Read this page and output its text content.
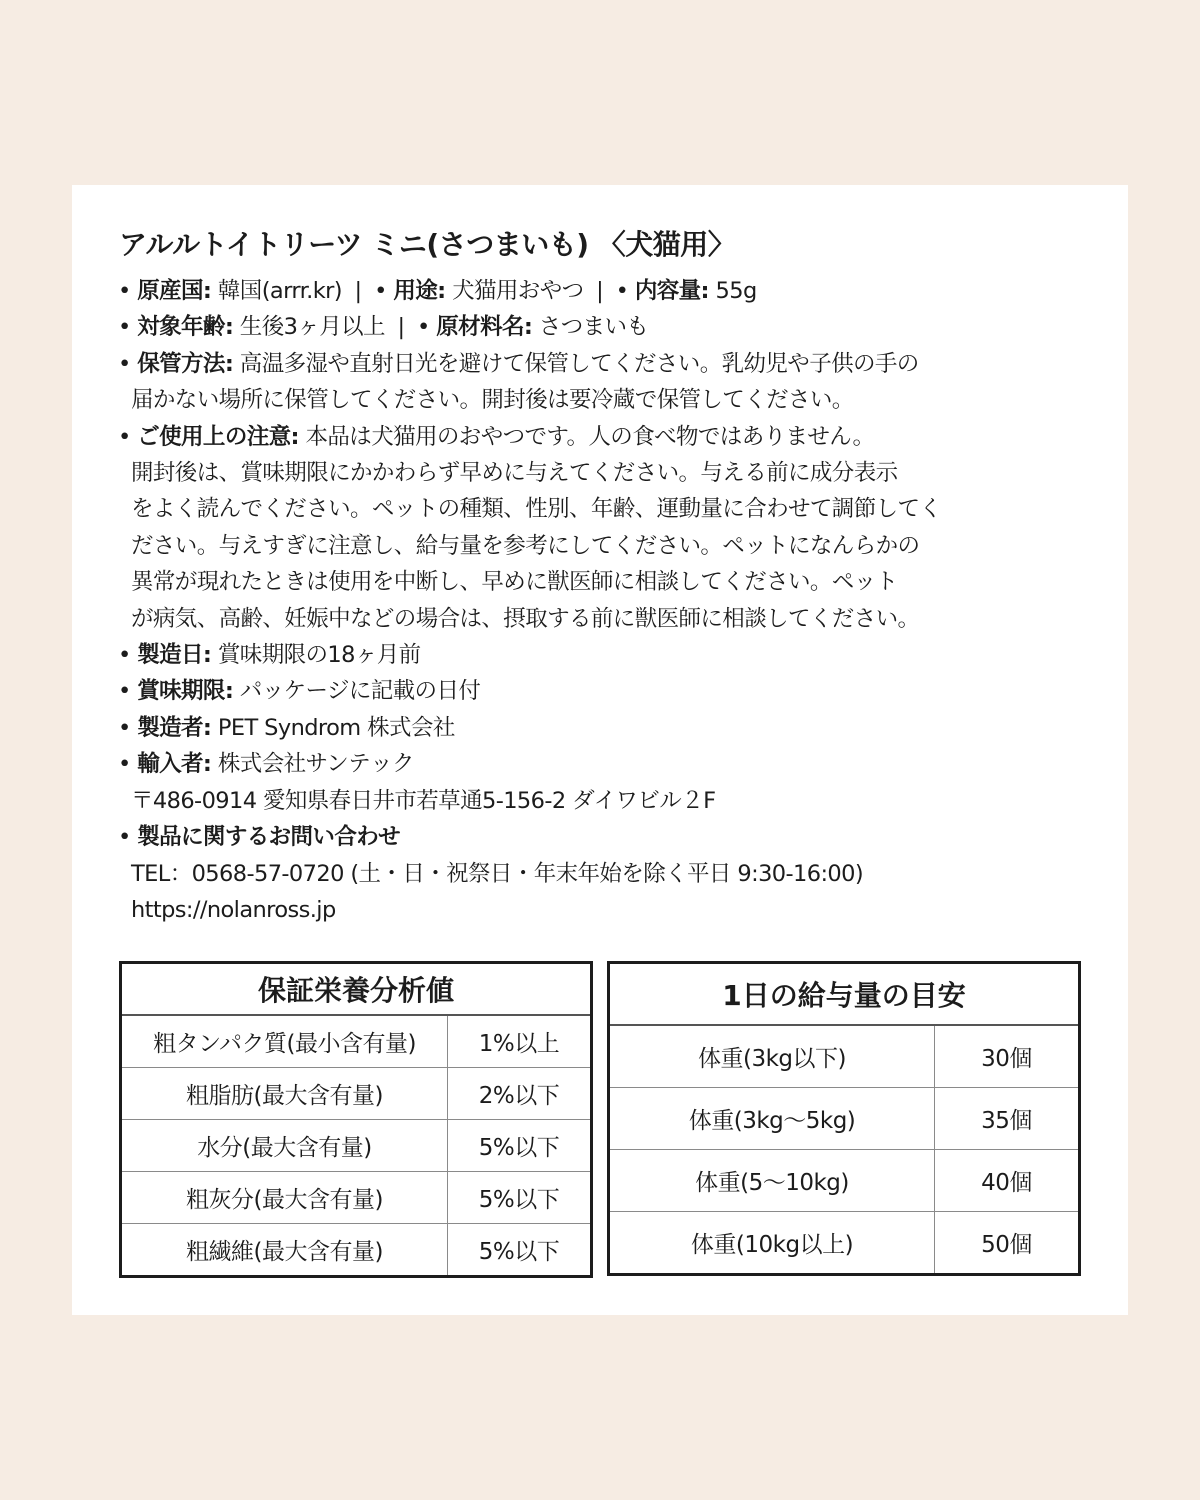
アルルトイトリーツ ミニ(さつまいも) 〈犬猫用〉
• 原産国: 韓国(arrr.kr) | • 用途: 犬猫用おやつ | • 内容量: 55g
• 対象年齢: 生後3ヶ月以上 | • 原材料名: さつまいも
• 保管方法: 高温多湿や直射日光を避けて保管してください。乳幼児や子供の手の
届かない場所に保管してください。開封後は要冷蔵で保管してください。
• ご使用上の注意: 本品は犬猫用のおやつです。人の食べ物ではありません。
開封後は、賞味期限にかかわらず早めに与えてください。与える前に成分表示
をよく読んでください。ペットの種類、性別、年齢、運動量に合わせて調節してく
ださい。与えすぎに注意し、給与量を参考にしてください。ペットになんらかの
異常が現れたときは使用を中断し、早めに獣医師に相談してください。ペット
が病気、高齢、妊娠中などの場合は、摂取する前に獣医師に相談してください。
• 製造日: 賞味期限の18ヶ月前
• 賞味期限: パッケージに記載の日付
• 製造者: PET Syndrom 株式会社
• 輸入者: 株式会社サンテック
〒486-0914 愛知県春日井市若草通5-156-2 ダイワビル２F
• 製品に関するお問い合わせ
TEL：0568-57-0720 (土・日・祝祭日・年末年始を除く平日 9:30-16:00)
https://nolanross.jp
保証栄養分析値	
粗タンパク質(最小含有量)	1%以上
粗脂肪(最大含有量)	2%以下
水分(最大含有量)	5%以下
粗灰分(最大含有量)	5%以下
粗繊維(最大含有量)	5%以下
1日の給与量の目安	
体重(3kg以下)	30個
体重(3kg〜5kg)	35個
体重(5〜10kg)	40個
体重(10kg以上)	50個
